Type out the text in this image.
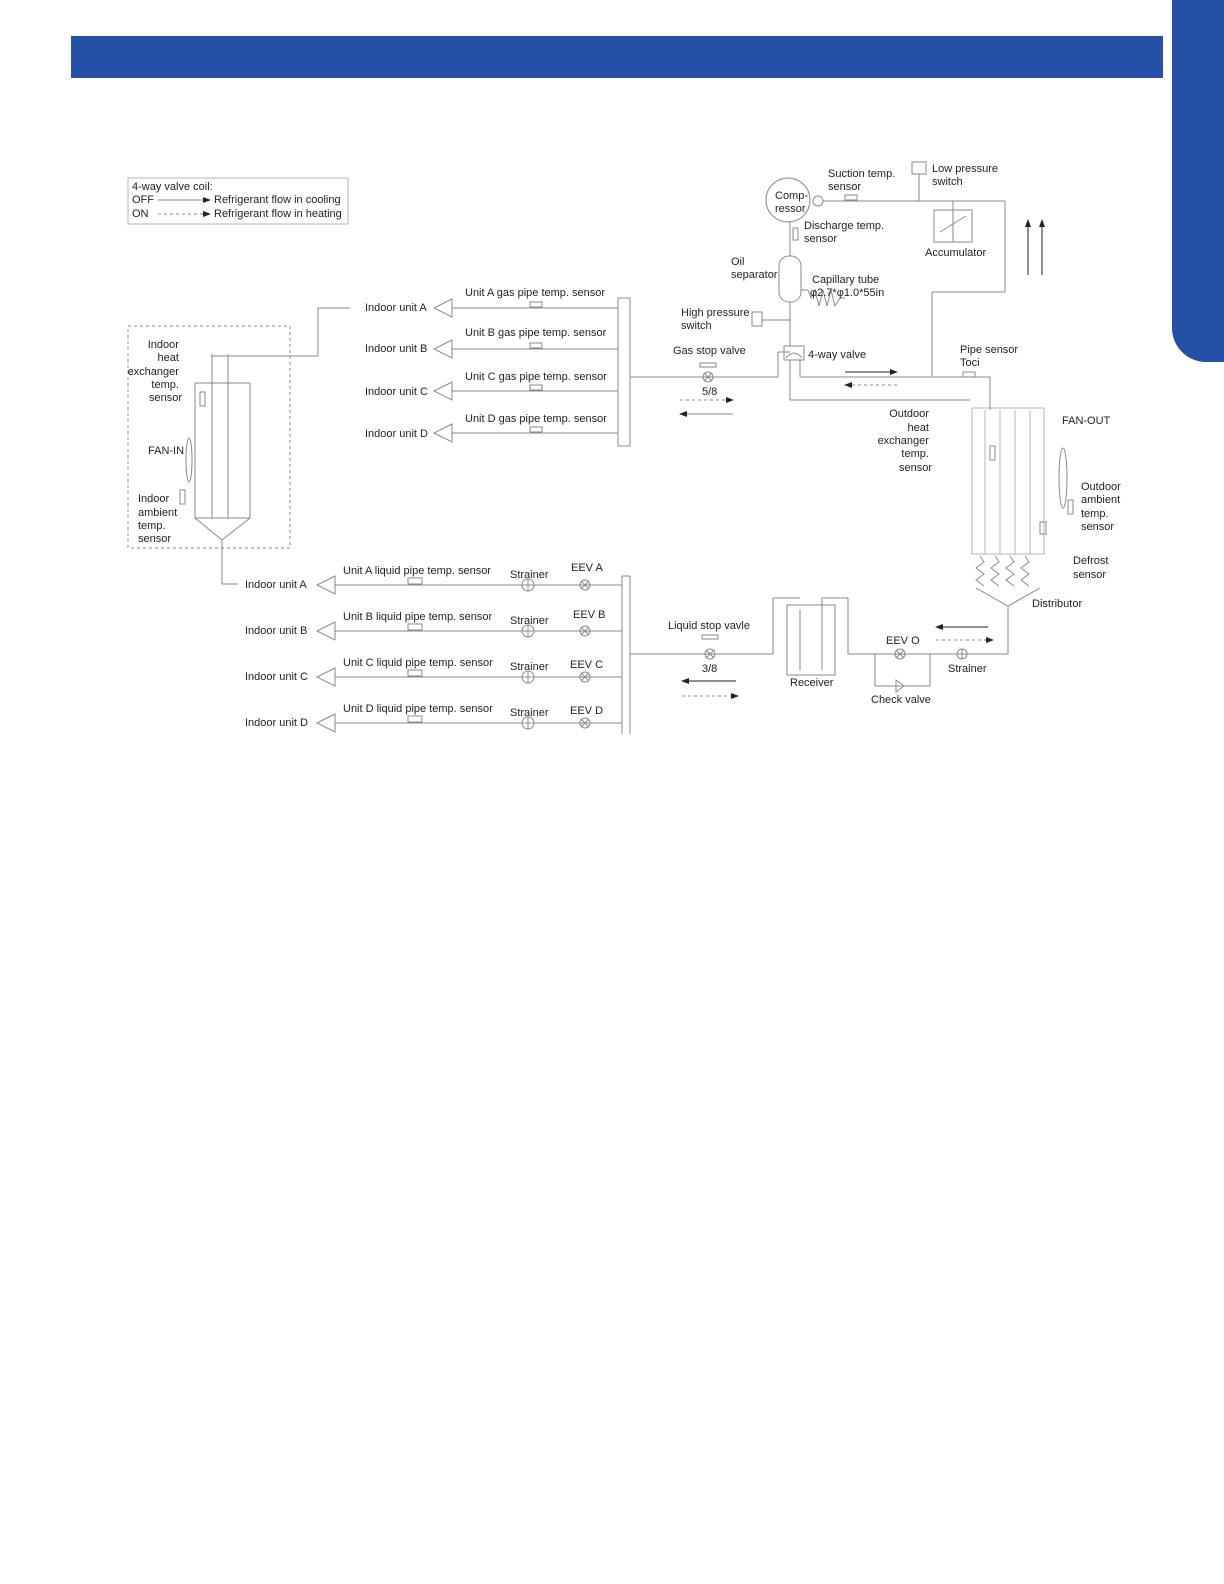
4-way valve coil:
OFF
ON
Refrigerant flow in cooling
Refrigerant flow in heating
Indoor heat exchanger temp. sensor
FAN-IN
Indoor ambient temp. sensor
Indoor unit A
Unit A gas pipe temp. sensor
Indoor unit B
Unit B gas pipe temp. sensor
Indoor unit C
Unit C gas pipe temp. sensor
Indoor unit D
Unit D gas pipe temp. sensor
Gas stop valve
5/8
Comp- ressor
Suction temp. sensor
Low pressure switch
Accumulator
Discharge temp. sensor
Oil separator	Capillary tube φ2.7*φ1.0*55in
High pressure switch
4-way valve	Pipe sensor Toci
Outdoor heat exchanger temp. sensor
FAN-OUT
Outdoor ambient temp. sensor
Defrost sensor
Distributor
Strainer
EEV O
Check valve
Receiver
Liquid stop vavle
3/8
Indoor unit A
Unit A liquid pipe temp. sensor Strainer
EEV A
Indoor unit B
Unit B liquid pipe temp. sensor Strainer EEV B
Indoor unit C
Unit C liquid pipe temp. sensor Strainer EEV C
Indoor unit D
Unit D liquid pipe temp. sensor Strainer EEV D
